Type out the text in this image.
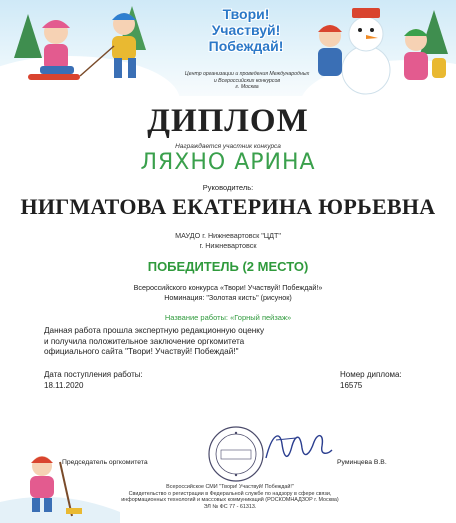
Твори!
Участвуй!
Побеждай!
Центр организации и проведения Международных
и Всероссийских конкурсов
г. Москва
ДИПЛОМ
Награждается участник конкурса
ЛЯХНО АРИНА
Руководитель:
НИГМАТОВА ЕКАТЕРИНА ЮРЬЕВНА
МАУДО г. Нижневартовск "ЦДТ"
г. Нижневартовск
ПОБЕДИТЕЛЬ (2 МЕСТО)
Всероссийского конкурса «Твори! Участвуй! Побеждай!»
Номинация: "Золотая кисть" (рисунок)
Название работы: «Горный пейзаж»
Данная работа прошла экспертную редакционную оценку
и получила положительное заключение оргкомитета
официального сайта "Твори! Участвуй! Побеждай!"
Дата поступления работы:
18.11.2020
Номер диплома:
16575
Председатель оргкомитета	Руминцева В.В.
Всероссийское СМИ "Твори! Участвуй! Побеждай!"
Свидетельство о регистрации в Федеральной службе по надзору в сфере связи,
информационных технологий и массовых коммуникаций (РОСКОМНАДЗОР г. Москва)
ЭЛ № ФС 77 - 61313.
